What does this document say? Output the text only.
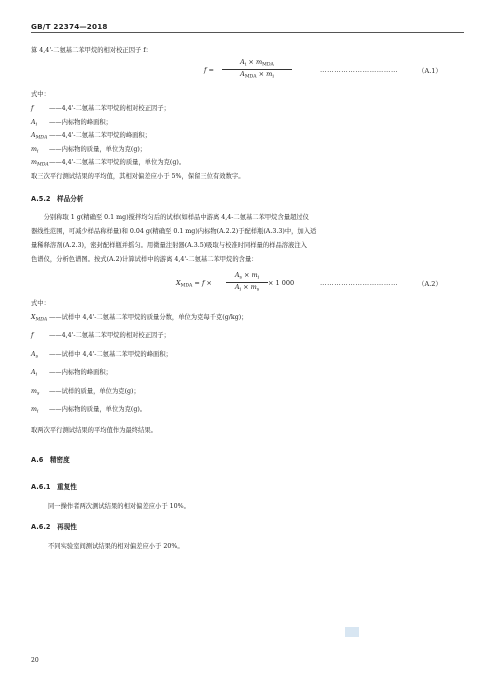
GB/T 22374—2018
算 4,4'-二氨基二苯甲烷的相对校正因子 f：
f =
$A_i \times m_{MDA}$
$A_{MDA} \times m_i$
……………………………	（A.1）
式中：
f ——4,4'-二氨基二苯甲烷的相对校正因子；
$A_i$ ——内标物的峰面积；
$A_{MDA}$ ——4,4'-二氨基二苯甲烷的峰面积；
$m_i$ ——内标物的质量，单位为克(g)；
$m_{MDA}——4,4'-$二氨基二苯甲烷的质量，单位为克(g)。
取三次平行测试结果的平均值，其相对偏差应小于 5%，保留三位有效数字。
A.5.2　样品分析
　　分别称取 1 g(精确至 0.1 mg)搅拌均匀后的试样(如样品中游离 4,4-二氨基二苯甲烷含量超过仪
器线性范围，可减少样品称样量)和 0.04 g(精确至 0.1 mg)内标物(A.2.2)于配样瓶(A.3.3)中，加入适
量稀释溶剂(A.2.3)，密封配样瓶并摇匀。用微量注射器(A.3.5)吸取与校准时同样量的样品溶液注入
色谱仪，分析色谱图。按式(A.2)计算试样中的游离 4,4'-二氨基二苯甲烷的含量：
$X_{MDA} = f$ ×
$A_s \times m_i$
$A_i \times m_s$
× 1 000	……………………………	（A.2）
式中：
$X_{MDA}$ ——试样中 4,4'-二氨基二苯甲烷的质量分数，单位为克每千克(g/kg)；
f ——4,4'-二氨基二苯甲烷的相对校正因子；
$A_s$ ——试样中 4,4'-二氨基二苯甲烷的峰面积；
$A_i$ ——内标物的峰面积；
$m_s$ ——试样的质量，单位为克(g)；
$m_i$ ——内标物的质量，单位为克(g)。
取两次平行测试结果的平均值作为最终结果。
A.6　精密度
A.6.1　重复性
同一操作者两次测试结果的相对偏差应小于 10%。
A.6.2　再现性
不同实验室间测试结果的相对偏差应小于 20%。
20
